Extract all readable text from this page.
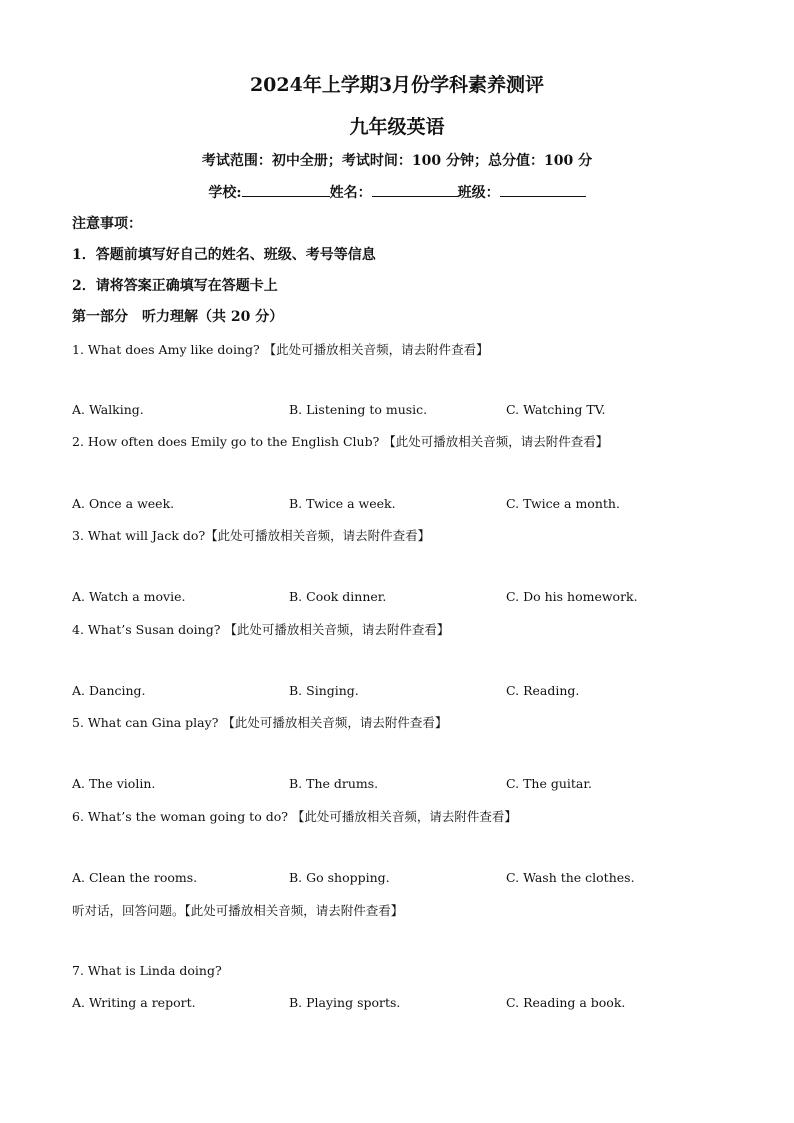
2024年上学期3月份学科素养测评
九年级英语
考试范围：初中全册；考试时间：100 分钟；总分值：100 分
学校:	姓名：	班级：
注意事项：
1．答题前填写好自己的姓名、班级、考号等信息
2．请将答案正确填写在答题卡上
第一部分　听力理解（共 20 分）
1. What does Amy like doing? 【此处可播放相关音频，请去附件查看】
A. Walking.	B. Listening to music.	C. Watching TV.
2. How often does Emily go to the English Club? 【此处可播放相关音频，请去附件查看】
A. Once a week.	B. Twice a week.	C. Twice a month.
3. What will Jack do?【此处可播放相关音频，请去附件查看】
A. Watch a movie.	B. Cook dinner.	C. Do his homework.
4. What’s Susan doing? 【此处可播放相关音频，请去附件查看】
A. Dancing.	B. Singing.	C. Reading.
5. What can Gina play? 【此处可播放相关音频，请去附件查看】
A. The violin.	B. The drums.	C. The guitar.
6. What’s the woman going to do? 【此处可播放相关音频，请去附件查看】
A. Clean the rooms.	B. Go shopping.	C. Wash the clothes.
听对话，回答问题。【此处可播放相关音频，请去附件查看】
7. What is Linda doing?
A. Writing a report.	B. Playing sports.	C. Reading a book.
